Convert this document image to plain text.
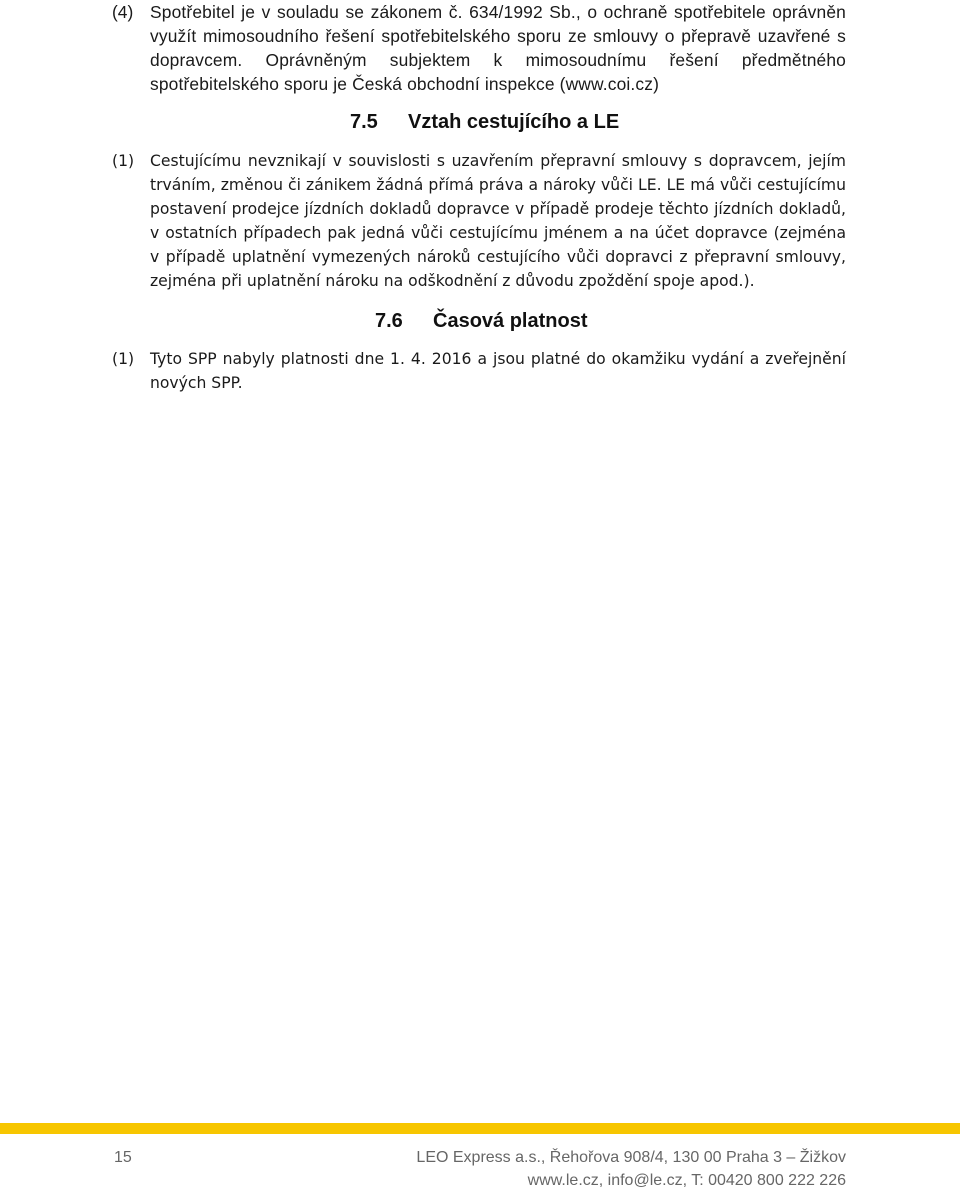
(4) Spotřebitel je v souladu se zákonem č. 634/1992 Sb., o ochraně spotřebitele oprávněn využít mimosoudního řešení spotřebitelského sporu ze smlouvy o přepravě uzavřené s dopravcem. Oprávněným subjektem k mimosoudnímu řešení předmětného spotřebitelského sporu je Česká obchodní inspekce (www.coi.cz)
7.5 Vztah cestujícího a LE
(1) Cestujícímu nevznikají v souvislosti s uzavřením přepravní smlouvy s dopravcem, jejím trváním, změnou či zánikem žádná přímá práva a nároky vůči LE. LE má vůči cestujícímu postavení prodejce jízdních dokladů dopravce v případě prodeje těchto jízdních dokladů, v ostatních případech pak jedná vůči cestujícímu jménem a na účet dopravce (zejména v případě uplatnění vymezených nároků cestujícího vůči dopravci z přepravní smlouvy, zejména při uplatnění nároku na odškodnění z důvodu zpoždění spoje apod.).
7.6 Časová platnost
(1) Tyto SPP nabyly platnosti dne 1. 4. 2016 a jsou platné do okamžiku vydání a zveřejnění nových SPP.
15	LEO Express a.s., Řehořova 908/4, 130 00 Praha 3 – Žižkov
www.le.cz, info@le.cz, T: 00420 800 222 226
